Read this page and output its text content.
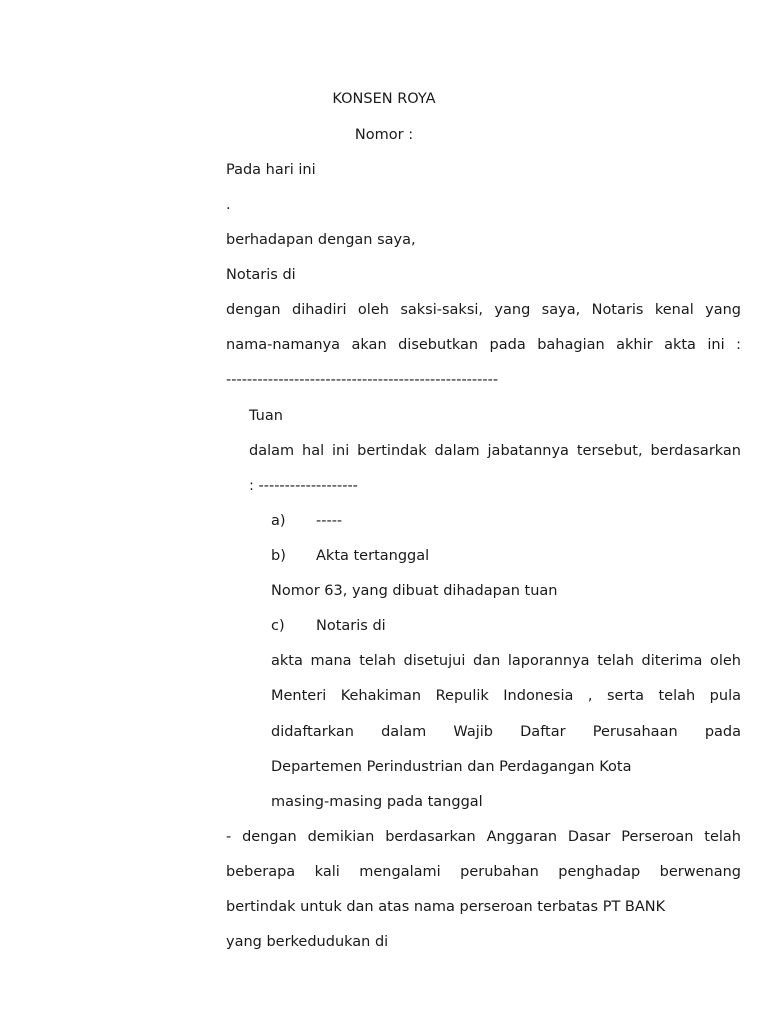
KONSEN ROYA
Nomor :
Pada hari ini
.
berhadapan dengan saya,
Notaris di
dengan dihadiri oleh saksi-saksi, yang saya, Notaris kenal yang
nama-namanya akan disebutkan pada bahagian akhir akta ini :
----------------------------------------------------
Tuan
dalam hal ini bertindak dalam jabatannya tersebut, berdasarkan
: -------------------
a) -----
b) Akta tertanggal
Nomor 63, yang dibuat dihadapan tuan
c) Notaris di
akta mana telah disetujui dan laporannya telah diterima oleh
Menteri Kehakiman Repulik Indonesia , serta telah pula
didaftarkan dalam Wajib Daftar Perusahaan pada
Departemen Perindustrian dan Perdagangan Kota
masing-masing pada tanggal
- dengan demikian berdasarkan Anggaran Dasar Perseroan telah
beberapa kali mengalami perubahan penghadap berwenang
bertindak untuk dan atas nama perseroan terbatas PT BANK
yang berkedudukan di
